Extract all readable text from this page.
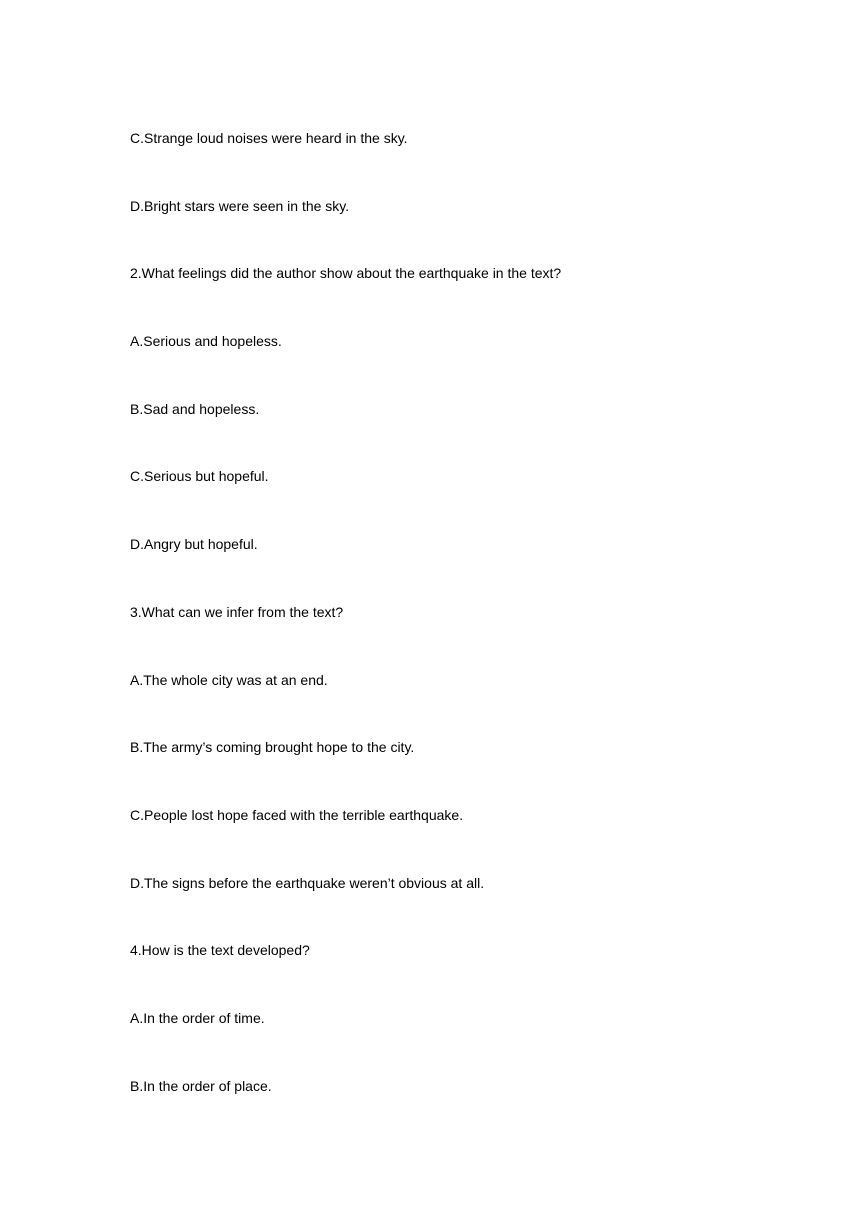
C.Strange loud noises were heard in the sky.
D.Bright stars were seen in the sky.
2.What feelings did the author show about the earthquake in the text?
A.Serious and hopeless.
B.Sad and hopeless.
C.Serious but hopeful.
D.Angry but hopeful.
3.What can we infer from the text?
A.The whole city was at an end.
B.The army’s coming brought hope to the city.
C.People lost hope faced with the terrible earthquake.
D.The signs before the earthquake weren’t obvious at all.
4.How is the text developed?
A.In the order of time.
B.In the order of place.
